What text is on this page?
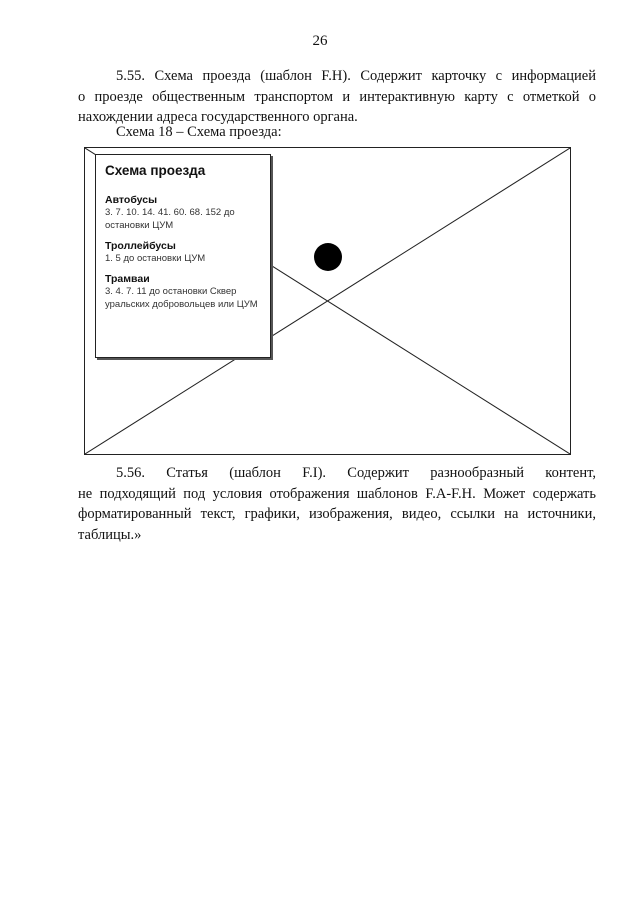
26
5.55. Схема проезда (шаблон F.H). Содержит карточку с информацией
о проезде общественным транспортом и интерактивную карту с отметкой о нахождении адреса государственного органа.
Схема 18 – Схема проезда:
Схема проезда
Автобусы
3. 7. 10. 14. 41. 60. 68. 152 до остановки ЦУМ
Троллейбусы
1. 5 до остановки ЦУМ
Трамваи
3. 4. 7. 11 до остановки Сквер уральских добровольцев или ЦУМ
5.56. Статья (шаблон F.I). Содержит разнообразный контент,
не подходящий под условия отображения шаблонов F.A-F.H. Может содержать форматированный текст, графики, изображения, видео, ссылки на источники, таблицы.»
